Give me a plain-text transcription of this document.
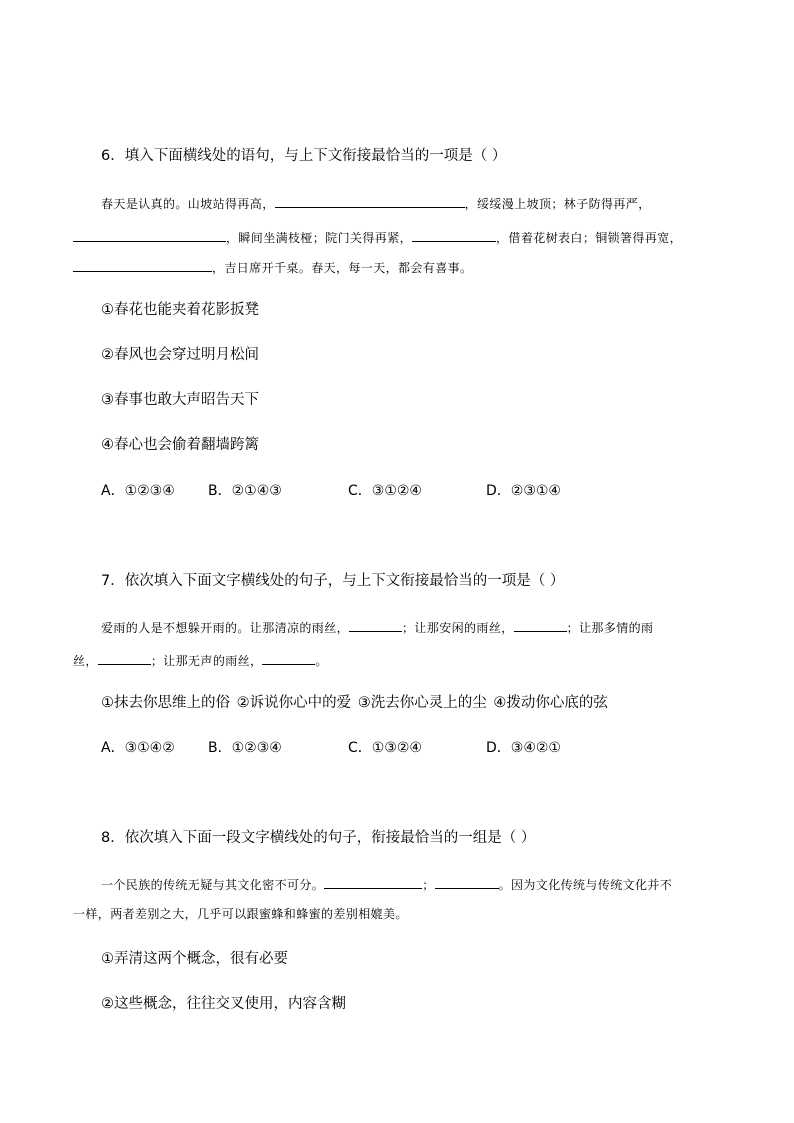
6．填入下面横线处的语句，与上下文衔接最恰当的一项是（ ）
春天是认真的。山坡站得再高，	，绥绥漫上坡顶；林子防得再严，
，瞬间坐满枝桠；院门关得再紧，	，借着花树表白；铜锁箸得再宽，
，吉日席开千桌。春天，每一天，都会有喜事。
①春花也能夹着花影扳凳
②春风也会穿过明月松间
③春事也敢大声昭告天下
④春心也会偷着翻墙跨篱
A．①②③④	B．②①④③	C．③①②④	D．②③①④
7．依次填入下面文字横线处的句子，与上下文衔接最恰当的一项是（ ）
爱雨的人是不想躲开雨的。让那清凉的雨丝，	；让那安闲的雨丝，	；让那多情的雨
丝，	；让那无声的雨丝，	。
①抹去你思维上的俗 ②诉说你心中的爱 ③洗去你心灵上的尘 ④拨动你心底的弦
A．③①④②	B．①②③④	C．①③②④	D．③④②①
8．依次填入下面一段文字横线处的句子，衔接最恰当的一组是（ ）
一个民族的传统无疑与其文化密不可分。	；	。因为文化传统与传统文化并不
一样，两者差别之大，几乎可以跟蜜蜂和蜂蜜的差别相媲美。
①弄清这两个概念，很有必要
②这些概念，往往交叉使用，内容含糊
